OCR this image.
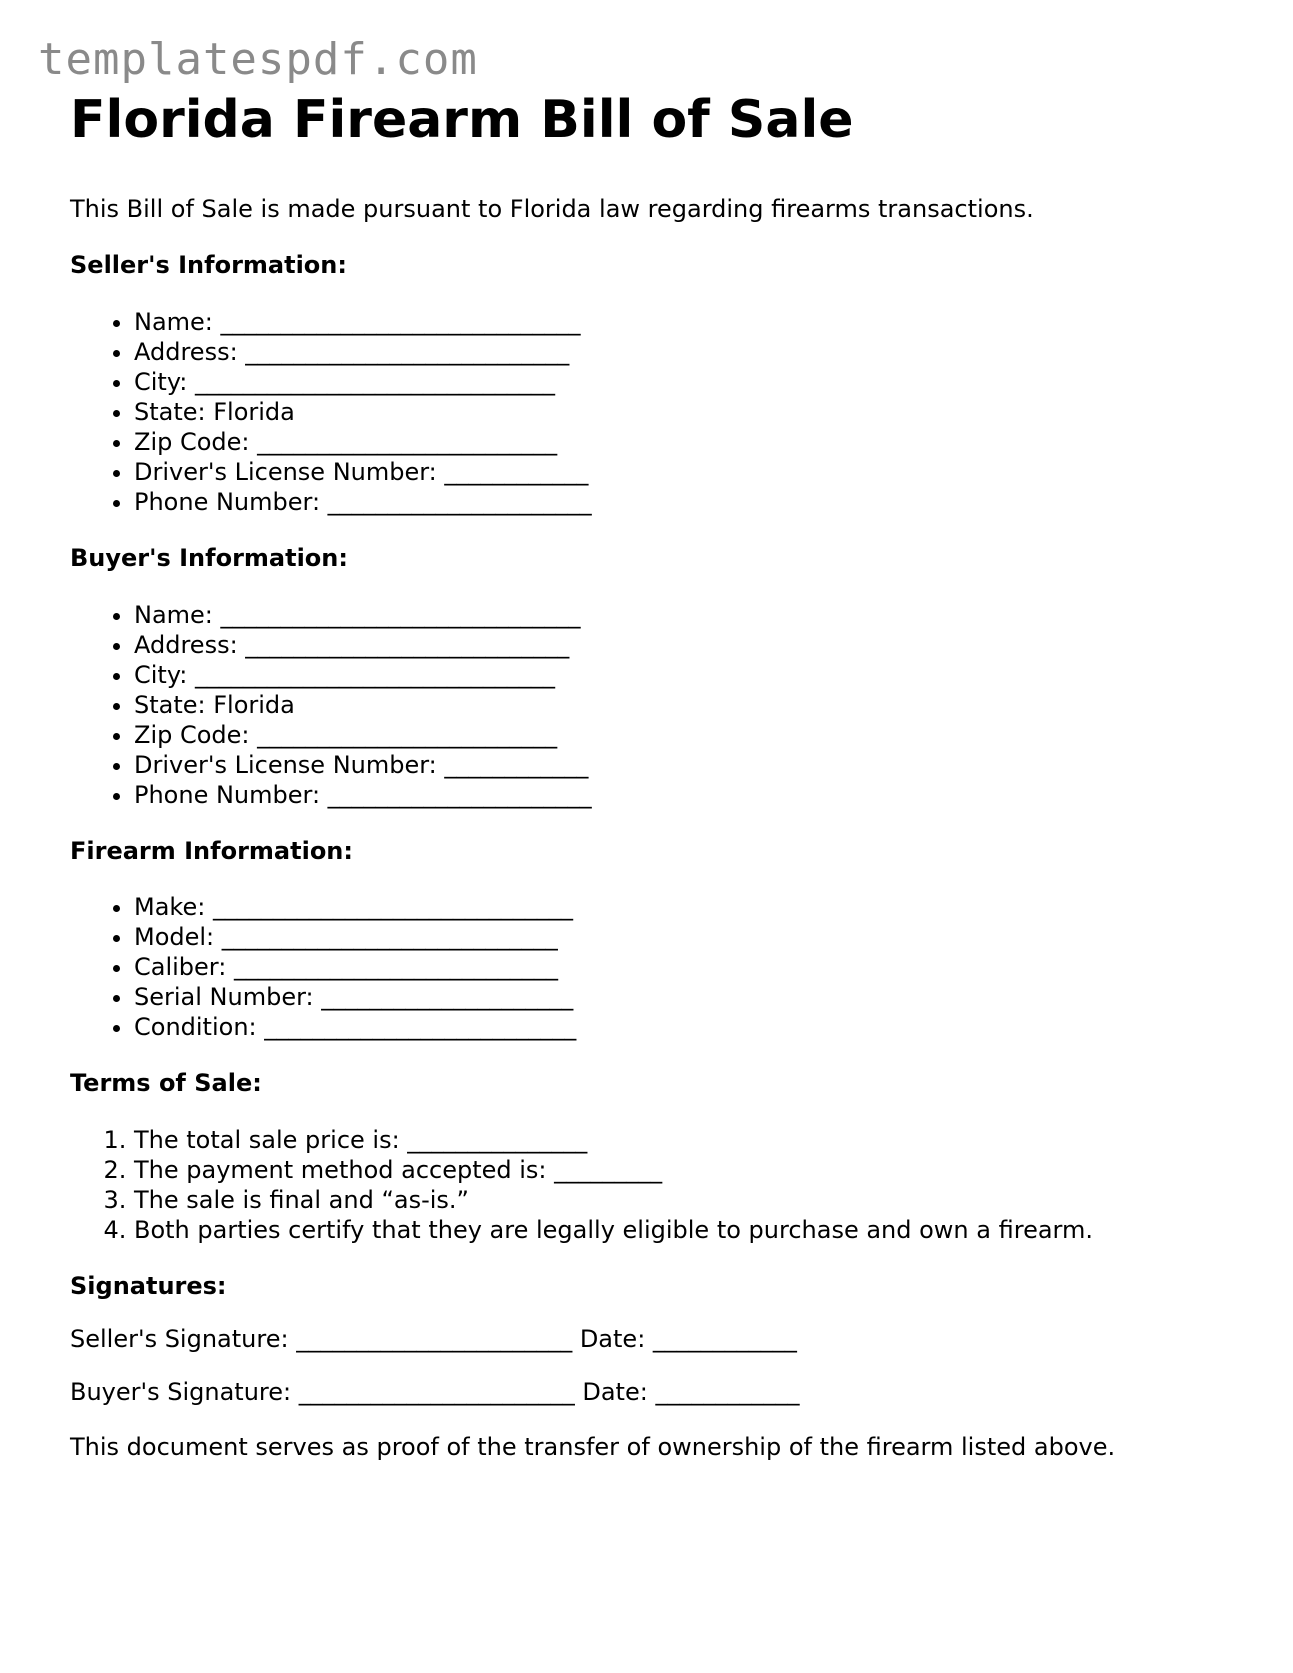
templatespdf.com
Florida Firearm Bill of Sale

This Bill of Sale is made pursuant to Florida law regarding firearms transactions.

Seller's Information:

• Name: ______________________________
• Address: ___________________________
• City: ______________________________
• State: Florida
• Zip Code: _________________________
• Driver's License Number: ____________
• Phone Number: ______________________

Buyer's Information:

• Name: ______________________________
• Address: ___________________________
• City: ______________________________
• State: Florida
• Zip Code: _________________________
• Driver's License Number: ____________
• Phone Number: ______________________

Firearm Information:

• Make: ______________________________
• Model: ____________________________
• Caliber: ___________________________
• Serial Number: _____________________
• Condition: __________________________

Terms of Sale:

1. The total sale price is: _______________
2. The payment method accepted is: _________
3. The sale is final and “as-is.”
4. Both parties certify that they are legally eligible to purchase and own a firearm.

Signatures:

Seller's Signature: _______________________ Date: ____________

Buyer's Signature: _______________________ Date: ____________

This document serves as proof of the transfer of ownership of the firearm listed above.
